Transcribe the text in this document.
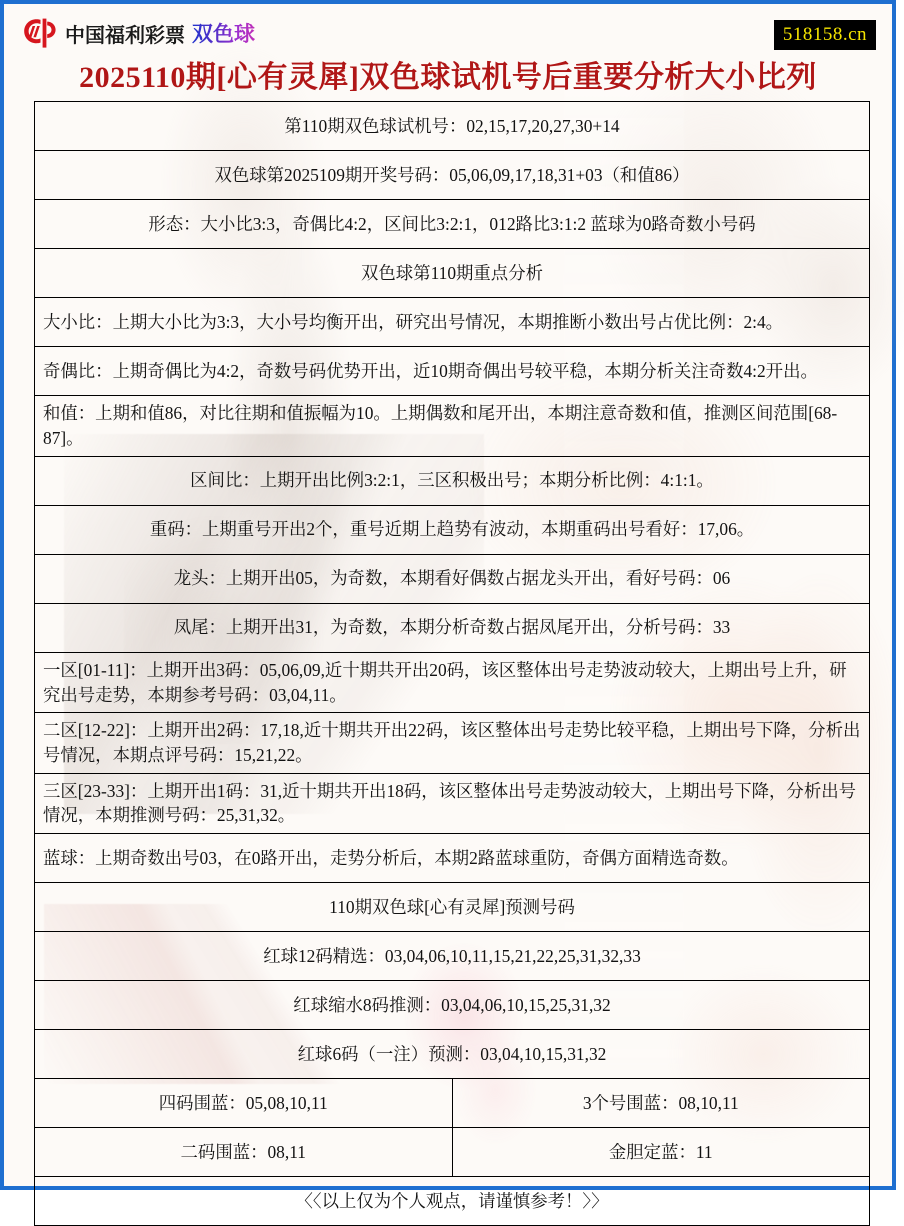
中国福利彩票 双色球	518158.cn
2025110期[心有灵犀]双色球试机号后重要分析大小比列
第110期双色球试机号：02,15,17,20,27,30+14	
双色球第2025109期开奖号码：05,06,09,17,18,31+03（和值86）	
形态：大小比3:3，奇偶比4:2，区间比3:2:1，012路比3:1:2 蓝球为0路奇数小号码	
双色球第110期重点分析	
大小比：上期大小比为3:3，大小号均衡开出，研究出号情况，本期推断小数出号占优比例：2:4。	
奇偶比：上期奇偶比为4:2，奇数号码优势开出，近10期奇偶出号较平稳，本期分析关注奇数4:2开出。	
和值：上期和值86，对比往期和值振幅为10。上期偶数和尾开出，本期注意奇数和值，推测区间范围[68-87]。	
区间比：上期开出比例3:2:1，三区积极出号；本期分析比例：4:1:1。	
重码：上期重号开出2个，重号近期上趋势有波动，本期重码出号看好：17,06。	
龙头：上期开出05，为奇数，本期看好偶数占据龙头开出，看好号码：06	
凤尾：上期开出31，为奇数，本期分析奇数占据凤尾开出，分析号码：33	
一区[01-11]：上期开出3码：05,06,09,近十期共开出20码，该区整体出号走势波动较大，上期出号上升，研究出号走势，本期参考号码：03,04,11。	
二区[12-22]：上期开出2码：17,18,近十期共开出22码，该区整体出号走势比较平稳，上期出号下降，分析出号情况，本期点评号码：15,21,22。	
三区[23-33]：上期开出1码：31,近十期共开出18码，该区整体出号走势波动较大，上期出号下降，分析出号情况，本期推测号码：25,31,32。	
蓝球：上期奇数出号03，在0路开出，走势分析后，本期2路蓝球重防，奇偶方面精选奇数。	
110期双色球[心有灵犀]预测号码	
红球12码精选：03,04,06,10,11,15,21,22,25,31,32,33	
红球缩水8码推测：03,04,06,10,15,25,31,32	
红球6码（一注）预测：03,04,10,15,31,32	
四码围蓝：05,08,10,11	3个号围蓝：08,10,11
二码围蓝：08,11	金胆定蓝：11
〈〈以上仅为个人观点，请谨慎参考！〉〉	
